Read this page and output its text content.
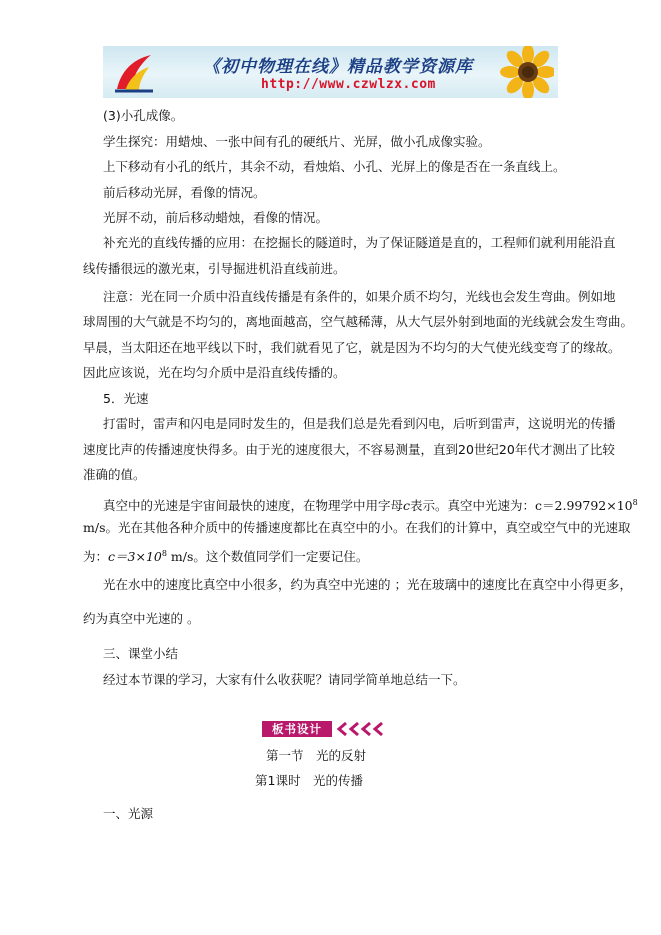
《初中物理在线》精品教学资源库
http://www.czwlzx.com
(3)小孔成像。
学生探究：用蜡烛、一张中间有孔的硬纸片、光屏，做小孔成像实验。
上下移动有小孔的纸片，其余不动，看烛焰、小孔、光屏上的像是否在一条直线上。
前后移动光屏，看像的情况。
光屏不动，前后移动蜡烛，看像的情况。
补充光的直线传播的应用：在挖掘长的隧道时，为了保证隧道是直的，工程师们就利用能沿直
线传播很远的激光束，引导掘进机沿直线前进。
注意：光在同一介质中沿直线传播是有条件的，如果介质不均匀，光线也会发生弯曲。例如地
球周围的大气就是不均匀的，离地面越高，空气越稀薄，从大气层外射到地面的光线就会发生弯曲。
早晨，当太阳还在地平线以下时，我们就看见了它，就是因为不均匀的大气使光线变弯了的缘故。
因此应该说，光在均匀介质中是沿直线传播的。
5．光速
打雷时，雷声和闪电是同时发生的，但是我们总是先看到闪电，后听到雷声，这说明光的传播
速度比声的传播速度快得多。由于光的速度很大，不容易测量，直到20世纪20年代才测出了比较
准确的值。
真空中的光速是宇宙间最快的速度，在物理学中用字母c表示。真空中光速为：$c=2.99792\times 10^8$
m/s。光在其他各种介质中的传播速度都比在真空中的小。在我们的计算中，真空或空气中的光速取
为：$c=3\times 10^8$ m/s。这个数值同学们一定要记住。
光在水中的速度比真空中小很多，约为真空中光速的 ；光在玻璃中的速度比在真空中小得更多，
约为真空中光速的 。
三、课堂小结
经过本节课的学习，大家有什么收获呢？请同学简单地总结一下。
板书设计
第一节　光的反射
第1课时　光的传播
一、光源
